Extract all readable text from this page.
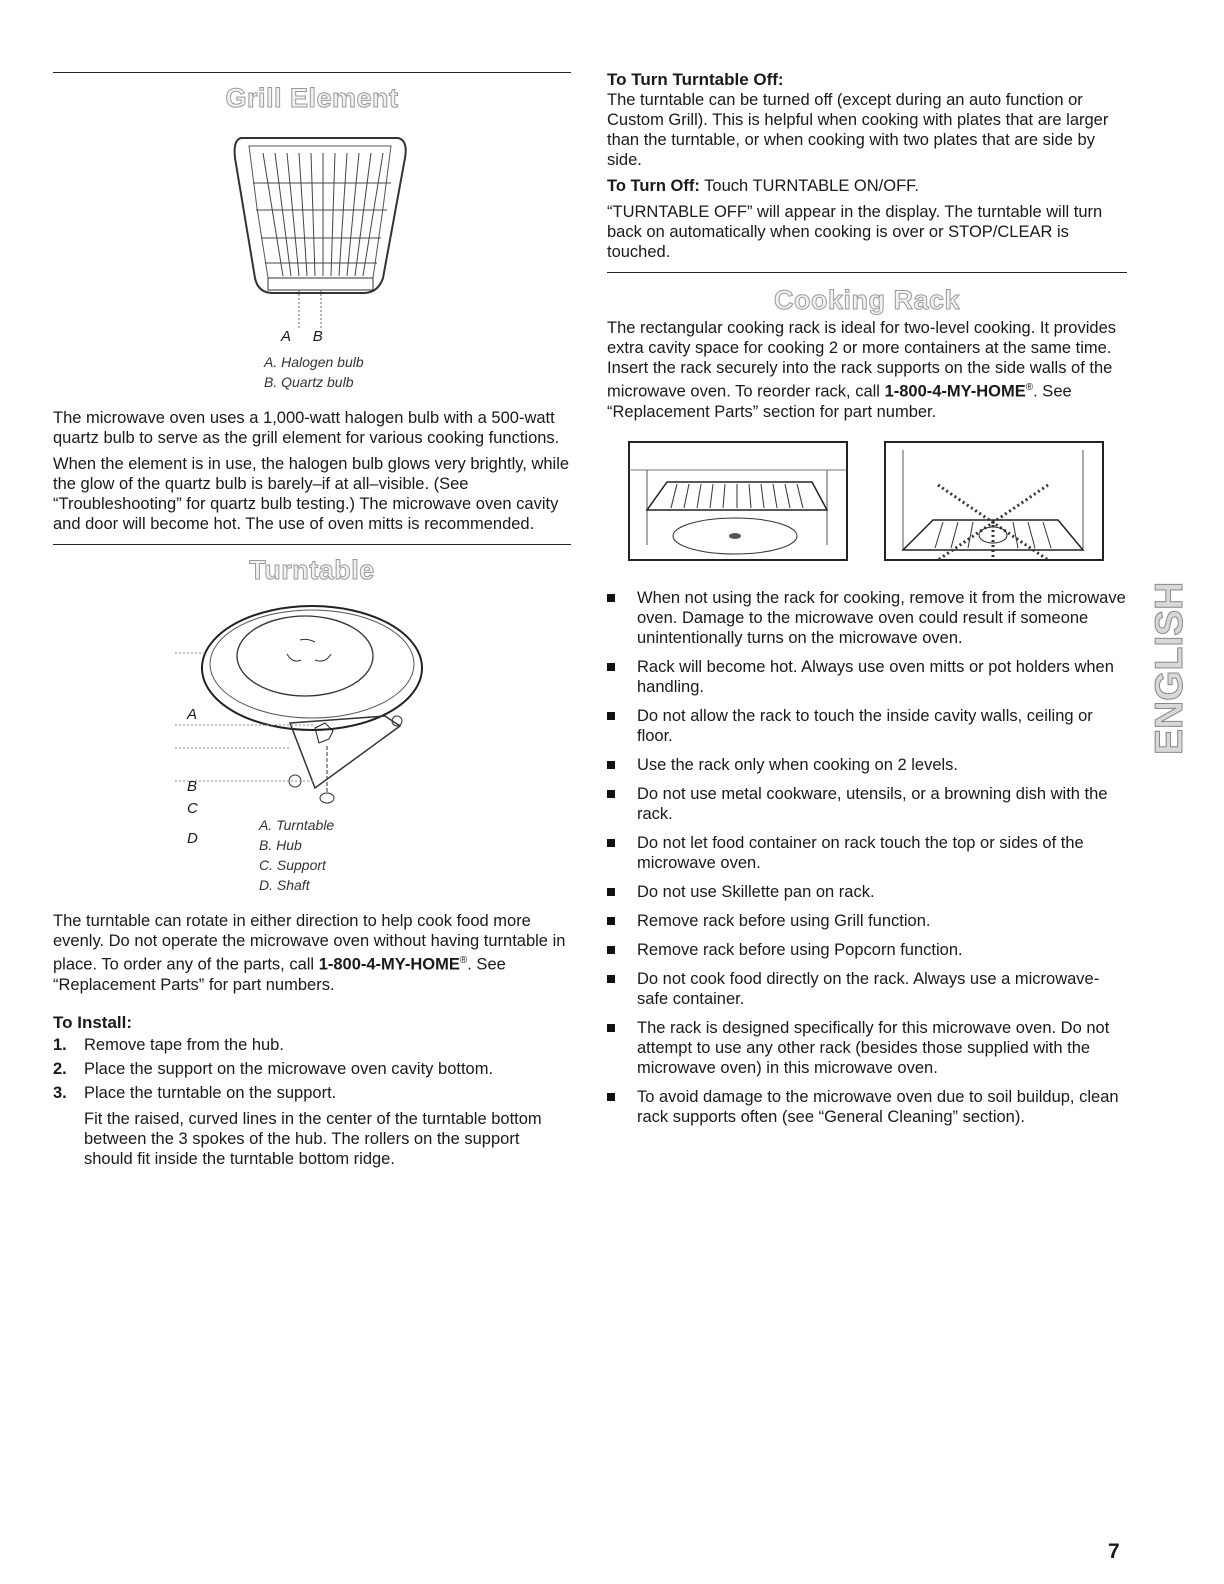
Grill Element
A B
A. Halogen bulb
B. Quartz bulb

The microwave oven uses a 1,000-watt halogen bulb with a 500-watt quartz bulb to serve as the grill element for various cooking functions.

When the element is in use, the halogen bulb glows very brightly, while the glow of the quartz bulb is barely–if at all–visible. (See “Troubleshooting” for quartz bulb testing.) The microwave oven cavity and door will become hot. The use of oven mitts is recommended.

Turntable
A
B
C
D
A. Turntable
B. Hub
C. Support
D. Shaft

The turntable can rotate in either direction to help cook food more evenly. Do not operate the microwave oven without having turntable in place. To order any of the parts, call 1-800-4-MY-HOME®. See “Replacement Parts” for part numbers.

To Install:
1.	Remove tape from the hub.
2.	Place the support on the microwave oven cavity bottom.
3.	Place the turntable on the support.

Fit the raised, curved lines in the center of the turntable bottom between the 3 spokes of the hub. The rollers on the support should fit inside the turntable bottom ridge.

To Turn Turntable Off:

The turntable can be turned off (except during an auto function or Custom Grill). This is helpful when cooking with plates that are larger than the turntable, or when cooking with two plates that are side by side.

To Turn Off: Touch TURNTABLE ON/OFF.

“TURNTABLE OFF” will appear in the display. The turntable will turn back on automatically when cooking is over or STOP/CLEAR is touched.

Cooking Rack

The rectangular cooking rack is ideal for two-level cooking. It provides extra cavity space for cooking 2 or more containers at the same time. Insert the rack securely into the rack supports on the side walls of the microwave oven. To reorder rack, call 1-800-4-MY-HOME®. See “Replacement Parts” section for part number.

When not using the rack for cooking, remove it from the microwave oven. Damage to the microwave oven could result if someone unintentionally turns on the microwave oven.
Rack will become hot. Always use oven mitts or pot holders when handling.
Do not allow the rack to touch the inside cavity walls, ceiling or floor.
Use the rack only when cooking on 2 levels.
Do not use metal cookware, utensils, or a browning dish with the rack.
Do not let food container on rack touch the top or sides of the microwave oven.
Do not use Skillette pan on rack.
Remove rack before using Grill function.
Remove rack before using Popcorn function.
Do not cook food directly on the rack. Always use a microwave-safe container.
The rack is designed specifically for this microwave oven. Do not attempt to use any other rack (besides those supplied with the microwave oven) in this microwave oven.
To avoid damage to the microwave oven due to soil buildup, clean rack supports often (see “General Cleaning” section).
ENGLISH
7
